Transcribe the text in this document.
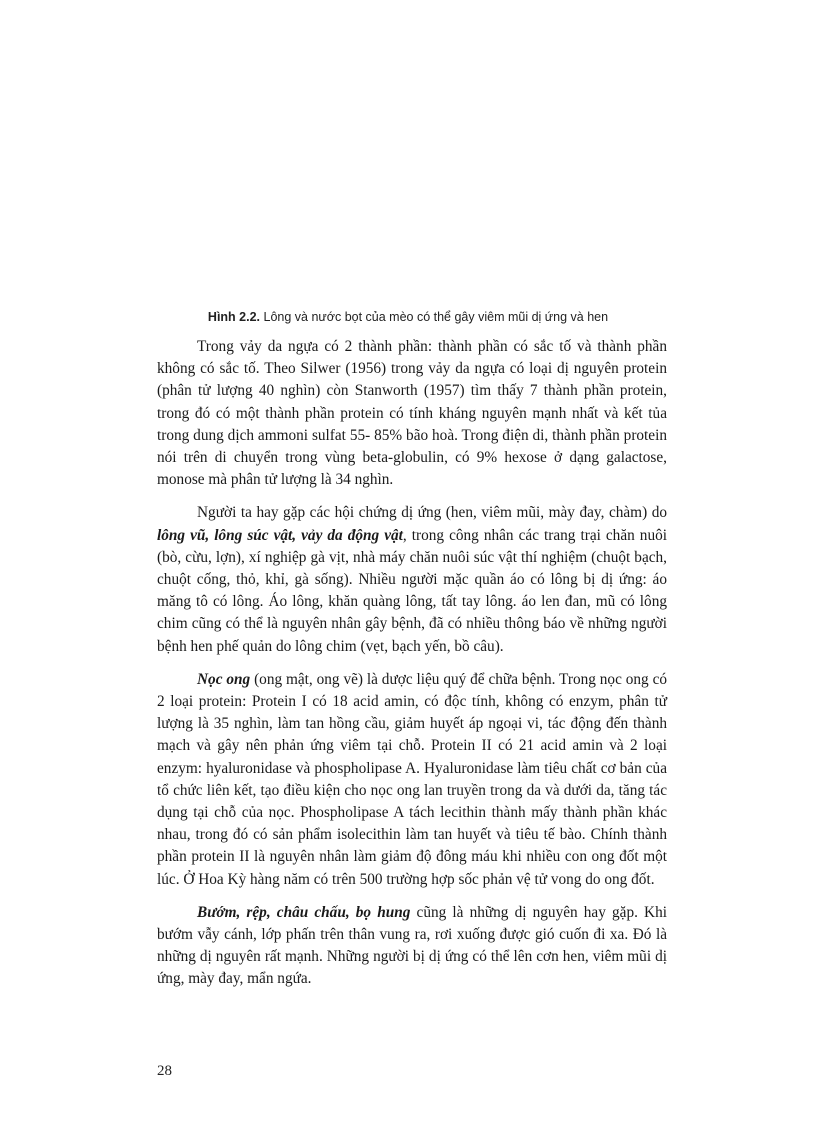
Hình 2.2. Lông và nước bọt của mèo có thể gây viêm mũi dị ứng và hen

Trong vảy da ngựa có 2 thành phần: thành phần có sắc tố và thành phần không có sắc tố. Theo Silwer (1956) trong vảy da ngựa có loại dị nguyên protein (phân tử lượng 40 nghìn) còn Stanworth (1957) tìm thấy 7 thành phần protein, trong đó có một thành phần protein có tính kháng nguyên mạnh nhất và kết tủa trong dung dịch ammoni sulfat 55- 85% bão hoà. Trong điện di, thành phần protein nói trên di chuyển trong vùng beta-globulin, có 9% hexose ở dạng galactose, monose mà phân tử lượng là 34 nghìn.

Người ta hay gặp các hội chứng dị ứng (hen, viêm mũi, mày đay, chàm) do lông vũ, lông súc vật, vảy da động vật, trong công nhân các trang trại chăn nuôi (bò, cừu, lợn), xí nghiệp gà vịt, nhà máy chăn nuôi súc vật thí nghiệm (chuột bạch, chuột cống, thỏ, khỉ, gà sống). Nhiều người mặc quần áo có lông bị dị ứng: áo măng tô có lông. Áo lông, khăn quàng lông, tất tay lông. áo len đan, mũ có lông chim cũng có thể là nguyên nhân gây bệnh, đã có nhiều thông báo về những người bệnh hen phế quản do lông chim (vẹt, bạch yến, bồ câu).

Nọc ong (ong mật, ong vẽ) là dược liệu quý để chữa bệnh. Trong nọc ong có 2 loại protein: Protein I có 18 acid amin, có độc tính, không có enzym, phân tử lượng là 35 nghìn, làm tan hồng cầu, giảm huyết áp ngoại vi, tác động đến thành mạch và gây nên phản ứng viêm tại chỗ. Protein II có 21 acid amin và 2 loại enzym: hyaluronidase và phospholipase A. Hyaluronidase làm tiêu chất cơ bản của tổ chức liên kết, tạo điều kiện cho nọc ong lan truyền trong da và dưới da, tăng tác dụng tại chỗ của nọc. Phospholipase A tách lecithin thành mấy thành phần khác nhau, trong đó có sản phẩm isolecithin làm tan huyết và tiêu tế bào. Chính thành phần protein II là nguyên nhân làm giảm độ đông máu khi nhiều con ong đốt một lúc. Ở Hoa Kỳ hàng năm có trên 500 trường hợp sốc phản vệ tử vong do ong đốt.

Bướm, rệp, châu chấu, bọ hung cũng là những dị nguyên hay gặp. Khi bướm vẫy cánh, lớp phấn trên thân vung ra, rơi xuống được gió cuốn đi xa. Đó là những dị nguyên rất mạnh. Những người bị dị ứng có thể lên cơn hen, viêm mũi dị ứng, mày đay, mẩn ngứa.

28
